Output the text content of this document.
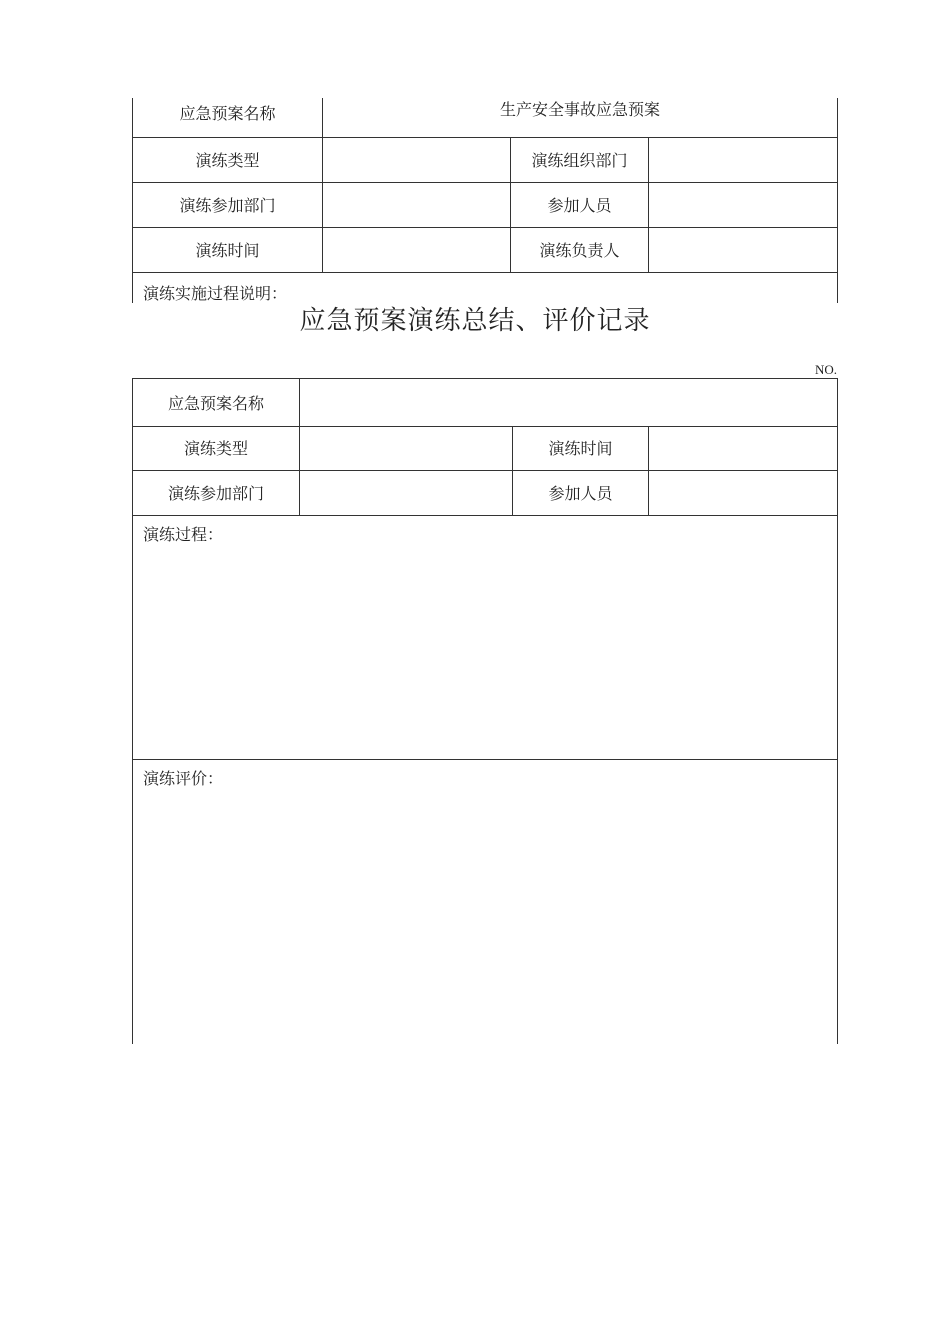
应急预案名称	生产安全事故应急预案
演练类型	演练组织部门
演练参加部门	参加人员
演练时间	演练负责人
演练实施过程说明：
应急预案演练总结、评价记录
NO.
应急预案名称
演练类型	演练时间
演练参加部门	参加人员
演练过程：
演练评价：
